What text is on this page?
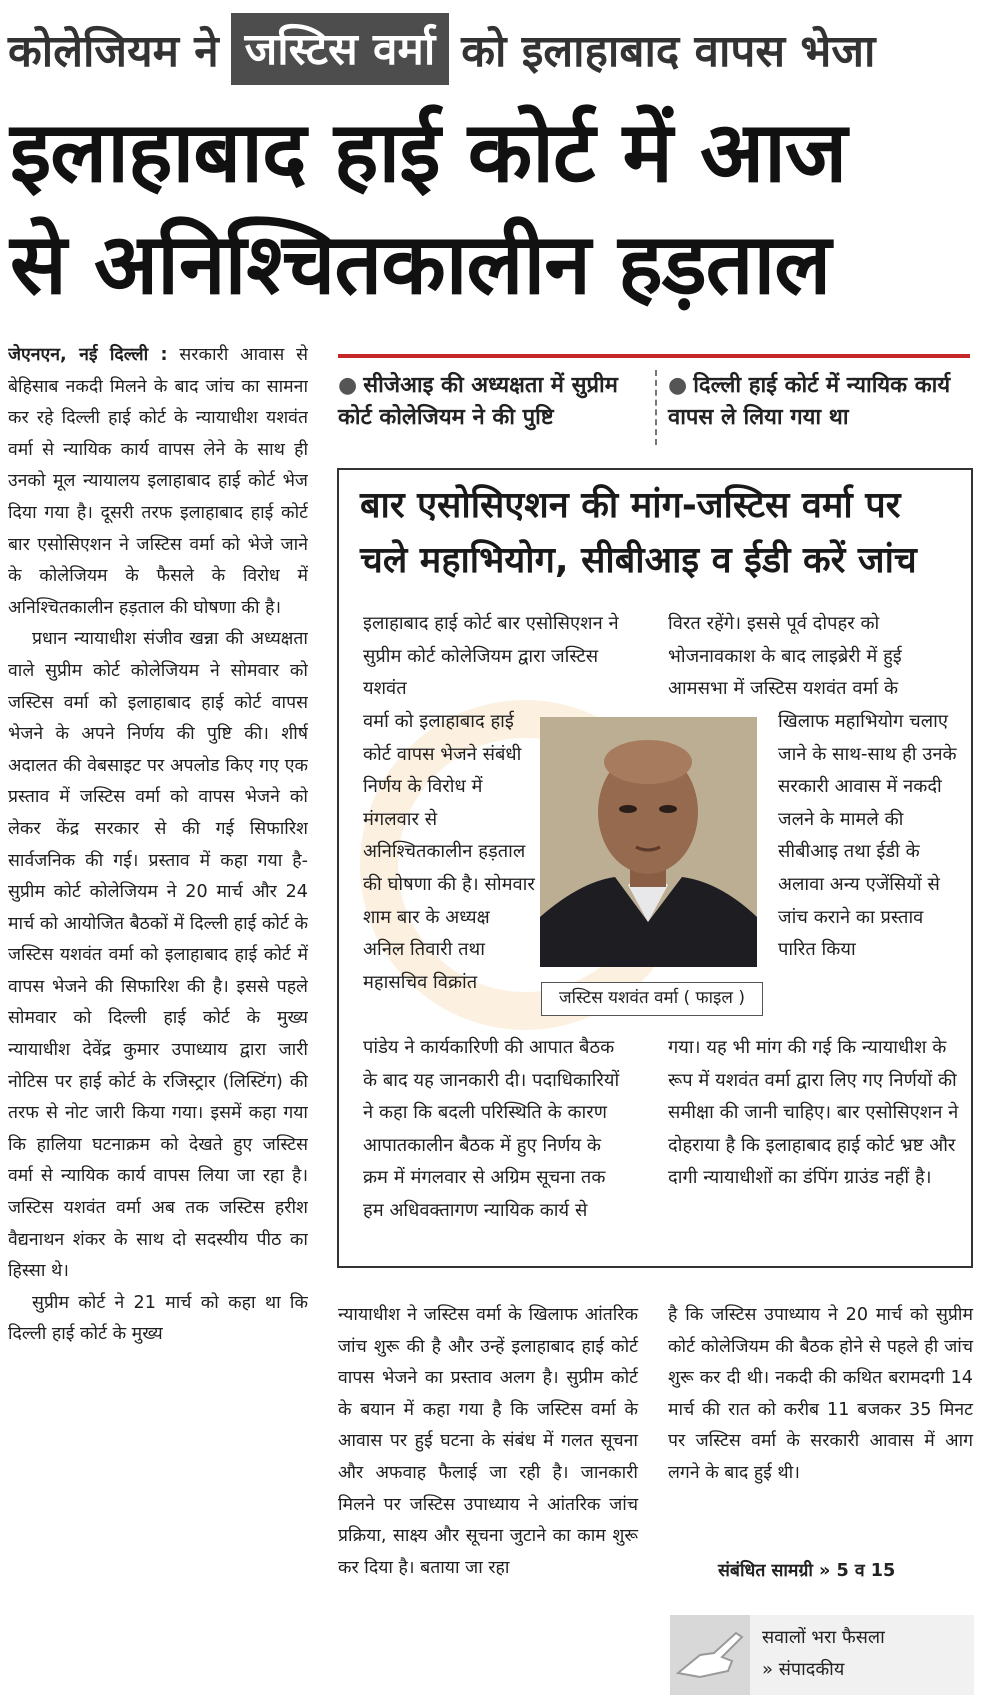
कोलेजियम ने जस्टिस वर्मा को इलाहाबाद वापस भेजा
इलाहाबाद हाई कोर्ट में आज
से अनिश्चितकालीन हड़ताल

जेएनएन, नई दिल्ली : सरकारी आवास से बेहिसाब नकदी मिलने के बाद जांच का सामना कर रहे दिल्ली हाई कोर्ट के न्यायाधीश यशवंत वर्मा से न्यायिक कार्य वापस लेने के साथ ही उनको मूल न्यायालय इलाहाबाद हाई कोर्ट भेज दिया गया है। दूसरी तरफ इलाहाबाद हाई कोर्ट बार एसोसिएशन ने जस्टिस वर्मा को भेजे जाने के कोलेजियम के फैसले के विरोध में अनिश्चितकालीन हड़ताल की घोषणा की है।

प्रधान न्यायाधीश संजीव खन्ना की अध्यक्षता वाले सुप्रीम कोर्ट कोलेजियम ने सोमवार को जस्टिस वर्मा को इलाहाबाद हाई कोर्ट वापस भेजने के अपने निर्णय की पुष्टि की। शीर्ष अदालत की वेबसाइट पर अपलोड किए गए एक प्रस्ताव में जस्टिस वर्मा को वापस भेजने को लेकर केंद्र सरकार से की गई सिफारिश सार्वजनिक की गई। प्रस्ताव में कहा गया है-सुप्रीम कोर्ट कोलेजियम ने 20 मार्च और 24 मार्च को आयोजित बैठकों में दिल्ली हाई कोर्ट के जस्टिस यशवंत वर्मा को इलाहाबाद हाई कोर्ट में वापस भेजने की सिफारिश की है। इससे पहले सोमवार को दिल्ली हाई कोर्ट के मुख्य न्यायाधीश देवेंद्र कुमार उपाध्याय द्वारा जारी नोटिस पर हाई कोर्ट के रजिस्ट्रार (लिस्टिंग) की तरफ से नोट जारी किया गया। इसमें कहा गया कि हालिया घटनाक्रम को देखते हुए जस्टिस वर्मा से न्यायिक कार्य वापस लिया जा रहा है। जस्टिस यशवंत वर्मा अब तक जस्टिस हरीश वैद्यनाथन शंकर के साथ दो सदस्यीय पीठ का हिस्सा थे।

सुप्रीम कोर्ट ने 21 मार्च को कहा था कि दिल्ली हाई कोर्ट के मुख्य

● सीजेआइ की अध्यक्षता में सुप्रीम कोर्ट कोलेजियम ने की पुष्टि
● दिल्ली हाई कोर्ट में न्यायिक कार्य वापस ले लिया गया था
बार एसोसिएशन की मांग-जस्टिस वर्मा पर चले महाभियोग, सीबीआइ व ईडी करें जांच

इलाहाबाद हाई कोर्ट बार एसोसिएशन ने सुप्रीम कोर्ट कोलेजियम द्वारा जस्टिस यशवंत

वर्मा को इलाहाबाद हाई कोर्ट वापस भेजने संबंधी निर्णय के विरोध में मंगलवार से अनिश्चितकालीन हड़ताल की घोषणा की है। सोमवार शाम बार के अध्यक्ष अनिल तिवारी तथा महासचिव विक्रांत

पांडेय ने कार्यकारिणी की आपात बैठक के बाद यह जानकारी दी। पदाधिकारियों ने कहा कि बदली परिस्थिति के कारण आपातकालीन बैठक में हुए निर्णय के क्रम में मंगलवार से अग्रिम सूचना तक हम अधिवक्तागण न्यायिक कार्य से

विरत रहेंगे। इससे पूर्व दोपहर को भोजनावकाश के बाद लाइब्रेरी में हुई आमसभा में जस्टिस यशवंत वर्मा के

खिलाफ महाभियोग चलाए जाने के साथ-साथ ही उनके सरकारी आवास में नकदी जलने के मामले की सीबीआइ तथा ईडी के अलावा अन्य एजेंसियों से जांच कराने का प्रस्ताव पारित किया

गया। यह भी मांग की गई कि न्यायाधीश के रूप में यशवंत वर्मा द्वारा लिए गए निर्णयों की समीक्षा की जानी चाहिए। बार एसोसिएशन ने दोहराया है कि इलाहाबाद हाई कोर्ट भ्रष्ट और दागी न्यायाधीशों का डंपिंग ग्राउंड नहीं है।

जस्टिस यशवंत वर्मा ( फाइल )

न्यायाधीश ने जस्टिस वर्मा के खिलाफ आंतरिक जांच शुरू की है और उन्हें इलाहाबाद हाई कोर्ट वापस भेजने का प्रस्ताव अलग है। सुप्रीम कोर्ट के बयान में कहा गया है कि जस्टिस वर्मा के आवास पर हुई घटना के संबंध में गलत सूचना और अफवाह फैलाई जा रही है। जानकारी मिलने पर जस्टिस उपाध्याय ने आंतरिक जांच प्रक्रिया, साक्ष्य और सूचना जुटाने का काम शुरू कर दिया है। बताया जा रहा

है कि जस्टिस उपाध्याय ने 20 मार्च को सुप्रीम कोर्ट कोलेजियम की बैठक होने से पहले ही जांच शुरू कर दी थी। नकदी की कथित बरामदगी 14 मार्च की रात को करीब 11 बजकर 35 मिनट पर जस्टिस वर्मा के सरकारी आवास में आग लगने के बाद हुई थी।

संबंधित सामग्री » 5 व 15
सवालों भरा फैसला
» संपादकीय
